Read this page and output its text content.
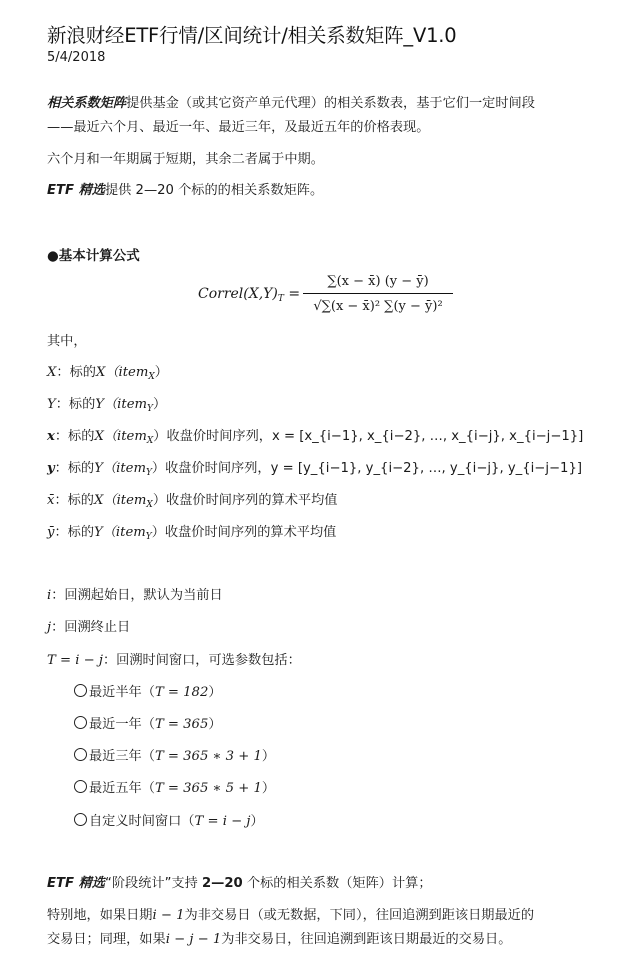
新浪财经ETF行情/区间统计/相关系数矩阵_V1.0
5/4/2018
相关系数矩阵提供基金（或其它资产单元代理）的相关系数表，基于它们一定时间段
——最近六个月、最近一年、最近三年，及最近五年的价格表现。
六个月和一年期属于短期，其余二者属于中期。
ETF 精选提供 2—20 个标的的相关系数矩阵。
●基本计算公式
$Correl(X,Y)_T$ =
∑(x − x̄) (y − ȳ)
√∑(x − x̄)² ∑(y − ȳ)²
其中，
X：标的X（item$_X$）
Y：标的Y（item$_Y$）
x：标的X（item$_X$）收盘价时间序列，x = [x_{i−1}, x_{i−2}, …, x_{i−j}, x_{i−j−1}]
y：标的Y（item$_Y$）收盘价时间序列，y = [y_{i−1}, y_{i−2}, …, y_{i−j}, y_{i−j−1}]
x̄：标的X（item$_X$）收盘价时间序列的算术平均值
ȳ：标的Y（item$_Y$）收盘价时间序列的算术平均值
i：回溯起始日，默认为当前日
j：回溯终止日
T = i − j：回溯时间窗口，可选参数包括：
最近半年（T = 182）
最近一年（T = 365）
最近三年（T = 365 ∗ 3 + 1）
最近五年（T = 365 ∗ 5 + 1）
自定义时间窗口（T = i − j）
ETF 精选“阶段统计”支持 2—20 个标的相关系数（矩阵）计算；
特别地，如果日期i − 1为非交易日（或无数据，下同），往回追溯到距该日期最近的
交易日；同理，如果i − j − 1为非交易日，往回追溯到距该日期最近的交易日。
